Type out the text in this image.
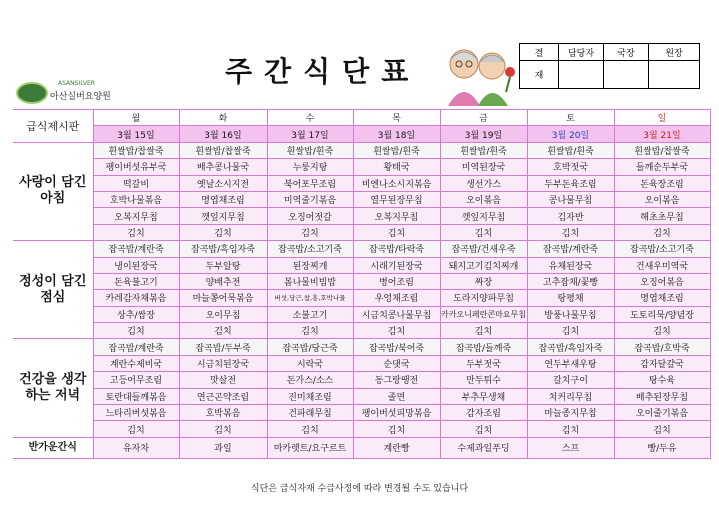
주간식단표
ASANSILVER
아산실버요양원
결	담당자	국장	원장
재			
급식제시판	월	화	수	목	금	토	일
	3월 15일	3월 16일	3월 17일	3월 18일	3월 19일	3월 20일	3월 21일
사랑이 담긴 아침	흰쌀밥/찹쌀죽	흰쌀밥/찹쌀죽	흰쌀밥/흰죽	흰쌀밥/흰죽	흰쌀밥/흰죽	흰쌀밥/흰죽	흰쌀밥/찹쌀죽
	팽이버섯유부국	배추콩나물국	누룽지탕	황태국	미역된장국	호박젓국	들깨순두부국
	떡갈비	옛날소시지전	북어포무조림	비엔나소시지볶음	생선가스	두부돈육조림	돈육장조림
	호박나물볶음	명엽채조림	미역줄기볶음	열무된장무침	오이볶음	콩나물무침	오이볶음
	오복지무침	깻잎지무침	오징어젓갈	오복지무침	깻잎지무침	김자반	해초초무침
	김치	김치	김치	김치	김치	김치	김치
정성이 담긴 점심	잡곡밥/계란죽	잡곡밥/흑임자죽	잡곡밥/소고기죽	잡곡밥/타락죽	잡곡밥/건새우죽	잡곡밥/계란죽	잡곡밥/소고기죽
	냉이된장국	두부알탕	된장찌개	시래기된장국	돼지고기김치찌개	유채된장국	건새우미역국
	돈육불고기	양배추전	봄나물비빔밥	병어조림	짜장	고추잡채/꽃빵	오징어볶음
	카레감자채볶음	마늘쫑어묵볶음	버섯,당근,참,홍,호박나물	우엉채조림	도라지양파무침	탕평채	명엽채조림
	상추/쌈장	오이무침	소불고기	시금치콩나물무침	카카오니페란콘마요무침	방풍나물무침	도토리묵/양념장
	김치	김치	김치	김치	김치	김치	김치
건강을 생각하는 저녁	잡곡밥/계란죽	잡곡밥/두부죽	잡곡밥/당근죽	잡곡밥/북어죽	잡곡밥/들깨죽	잡곡밥/흑임자죽	잡곡밥/호박죽
	계란수제비국	시금치된장국	시락국	순댓국	두부젓국	연두부새우탕	감자달걀국
	고등어무조림	맛살전	돈가스/소스	동그랑땡전	만두튀수	갈치구이	탕수육
	토란대들깨볶음	연근곤약조림	진미채조림	졸면	부추무생채	치커리무침	배추된장무침
	느타리버섯볶음	호박볶음	건파래무침	팽이버섯피망볶음	감자조림	마늘종지무침	오이줄기볶음
	김치	김치	김치	김치	김치	김치	김치
반가운간식	유자차	과일	마카렛트/요구르트	계란빵	수제과일푸딩	스프	빵/두유
식단은 급식자재 수급사정에 따라 변경될 수도 있습니다
